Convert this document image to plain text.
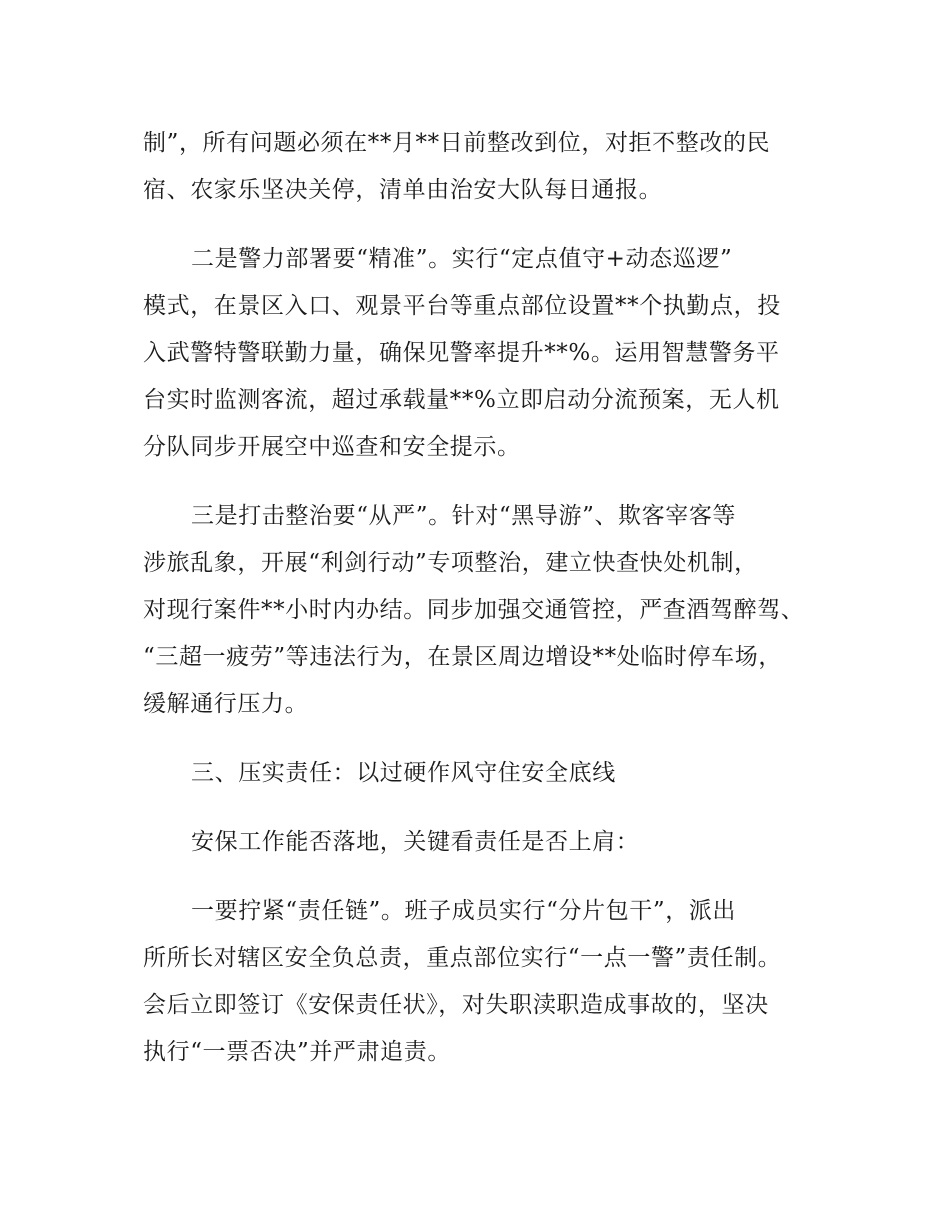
制”，所有问题必须在**月**日前整改到位，对拒不整改的民
宿、农家乐坚决关停，清单由治安大队每日通报。
二是警力部署要“精准”。实行“定点值守+动态巡逻”
模式，在景区入口、观景平台等重点部位设置**个执勤点，投
入武警特警联勤力量，确保见警率提升**%。运用智慧警务平
台实时监测客流，超过承载量**%立即启动分流预案，无人机
分队同步开展空中巡查和安全提示。
三是打击整治要“从严”。针对“黑导游”、欺客宰客等
涉旅乱象，开展“利剑行动”专项整治，建立快查快处机制，
对现行案件**小时内办结。同步加强交通管控，严查酒驾醉驾、
“三超一疲劳”等违法行为，在景区周边增设**处临时停车场，
缓解通行压力。
三、压实责任：以过硬作风守住安全底线
安保工作能否落地，关键看责任是否上肩：
一要拧紧“责任链”。班子成员实行“分片包干”，派出
所所长对辖区安全负总责，重点部位实行“一点一警”责任制。
会后立即签订《安保责任状》，对失职渎职造成事故的，坚决
执行“一票否决”并严肃追责。
